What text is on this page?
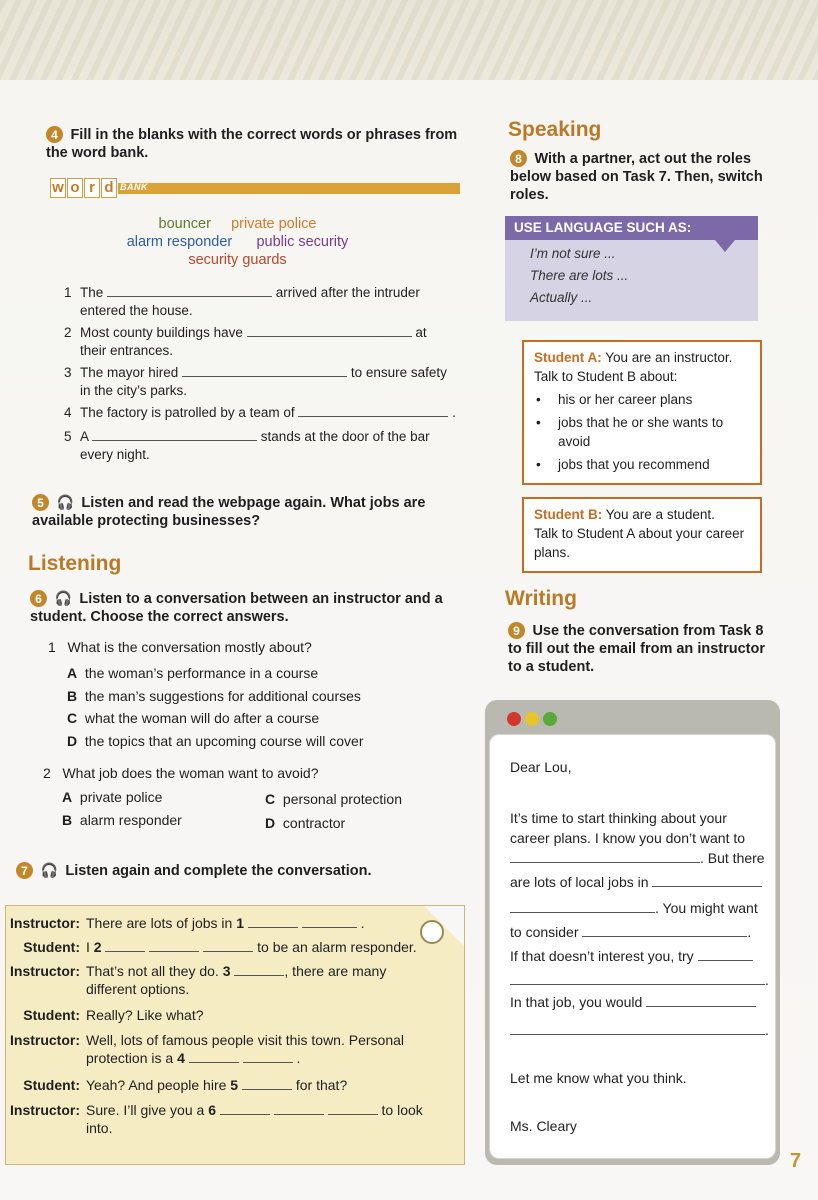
4 Fill in the blanks with the correct words or phrases from the word bank.
w o r d BANK
bouncer private police
alarm responder public security
security guards
1 The	arrived after the intruder
entered the house.
2 Most county buildings have	at
their entrances.
3 The mayor hired	to ensure safety
in the city’s parks.
4 The factory is patrolled by a team of	.
5 A	stands at the door of the bar
every night.
5 🎧 Listen and read the webpage again. What jobs are available protecting businesses?
Listening
6 🎧 Listen to a conversation between an instructor and a student. Choose the correct answers.
1 What is the conversation mostly about?
A the woman’s performance in a course
B the man’s suggestions for additional courses
C what the woman will do after a course
D the topics that an upcoming course will cover
2 What job does the woman want to avoid?
A private police	C personal protection
B alarm responder	D contractor
7 🎧 Listen again and complete the conversation.
Instructor: There are lots of jobs in 1	.
Student: I 2	to be an alarm responder.
Instructor: That’s not all they do. 3	, there are many
different options.
Student: Really? Like what?
Instructor: Well, lots of famous people visit this town. Personal
protection is a 4	.
Student: Yeah? And people hire 5	for that?
Instructor: Sure. I’ll give you a 6	to look
into.
Speaking
8 With a partner, act out the roles below based on Task 7. Then, switch roles.
USE LANGUAGE SUCH AS:
I’m not sure ...
There are lots ...
Actually ...
Student A: You are an instructor.
Talk to Student B about:
• his or her career plans
• jobs that he or she wants to avoid
• jobs that you recommend
Student B: You are a student.
Talk to Student A about your career plans.
Writing
9 Use the conversation from Task 8 to fill out the email from an instructor to a student.
Dear Lou,
It’s time to start thinking about your
career plans. I know you don’t want to
. But there
are lots of local jobs in
. You might want
to consider	.
If that doesn’t interest you, try
.
In that job, you would
.
Let me know what you think.
Ms. Cleary
7
